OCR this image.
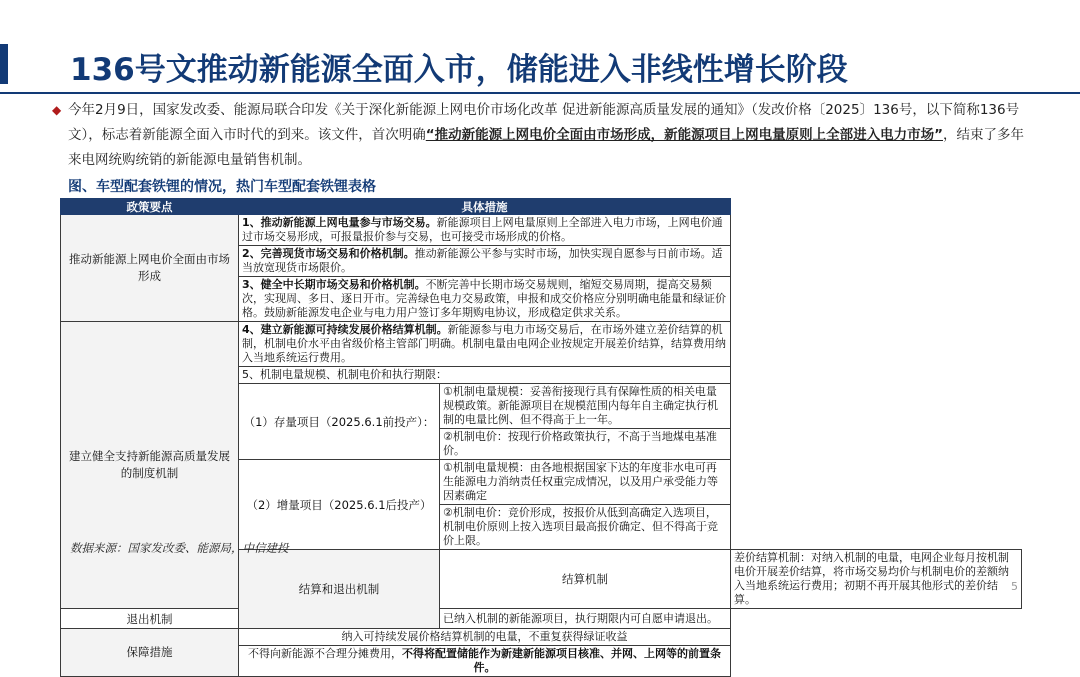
136号文推动新能源全面入市，储能进入非线性增长阶段
◆ 今年2月9日，国家发改委、能源局联合印发《关于深化新能源上网电价市场化改革 促进新能源高质量发展的通知》（发改价格〔2025〕136号，以下简称136号文），标志着新能源全面入市时代的到来。该文件，首次明确“推动新能源上网电价全面由市场形成，新能源项目上网电量原则上全部进入电力市场”，结束了多年来电网统购统销的新能源电量销售机制。
图、车型配套铁锂的情况，热门车型配套铁锂表格
政策要点	具体措施		
推动新能源上网电价全面由市场形成	1、推动新能源上网电量参与市场交易。新能源项目上网电量原则上全部进入电力市场，上网电价通过市场交易形成，可报量报价参与交易，也可接受市场形成的价格。		
	2、完善现货市场交易和价格机制。推动新能源公平参与实时市场，加快实现自愿参与日前市场。适当放宽现货市场限价。		
	3、健全中长期市场交易和价格机制。不断完善中长期市场交易规则，缩短交易周期，提高交易频次，实现周、多日、逐日开市。完善绿色电力交易政策，申报和成交价格应分别明确电能量和绿证价格。鼓励新能源发电企业与电力用户签订多年期购电协议，形成稳定供求关系。		
建立健全支持新能源高质量发展的制度机制	4、建立新能源可持续发展价格结算机制。新能源参与电力市场交易后，在市场外建立差价结算的机制，机制电价水平由省级价格主管部门明确。机制电量由电网企业按规定开展差价结算，结算费用纳入当地系统运行费用。		
	5、机制电量规模、机制电价和执行期限：		
	（1）存量项目（2025.6.1前投产）：	①机制电量规模：妥善衔接现行具有保障性质的相关电量规模政策。新能源项目在规模范围内每年自主确定执行机制的电量比例、但不得高于上一年。	
		②机制电价：按现行价格政策执行，不高于当地煤电基准价。	
	（2）增量项目（2025.6.1后投产）	①机制电量规模：由各地根据国家下达的年度非水电可再生能源电力消纳责任权重完成情况，以及用户承受能力等因素确定	
		②机制电价：竞价形成，按报价从低到高确定入选项目，机制电价原则上按入选项目最高报价确定、但不得高于竞价上限。	
	结算和退出机制	结算机制	差价结算机制：对纳入机制的电量，电网企业每月按机制电价开展差价结算，将市场交易均价与机制电价的差额纳入当地系统运行费用；初期不再开展其他形式的差价结算。
退出机制		已纳入机制的新能源项目，执行期限内可自愿申请退出。	
保障措施	纳入可持续发展价格结算机制的电量，不重复获得绿证收益		
	不得向新能源不合理分摊费用，不得将配置储能作为新建新能源项目核准、并网、上网等的前置条件。		
数据来源：国家发改委、能源局，中信建投
5
